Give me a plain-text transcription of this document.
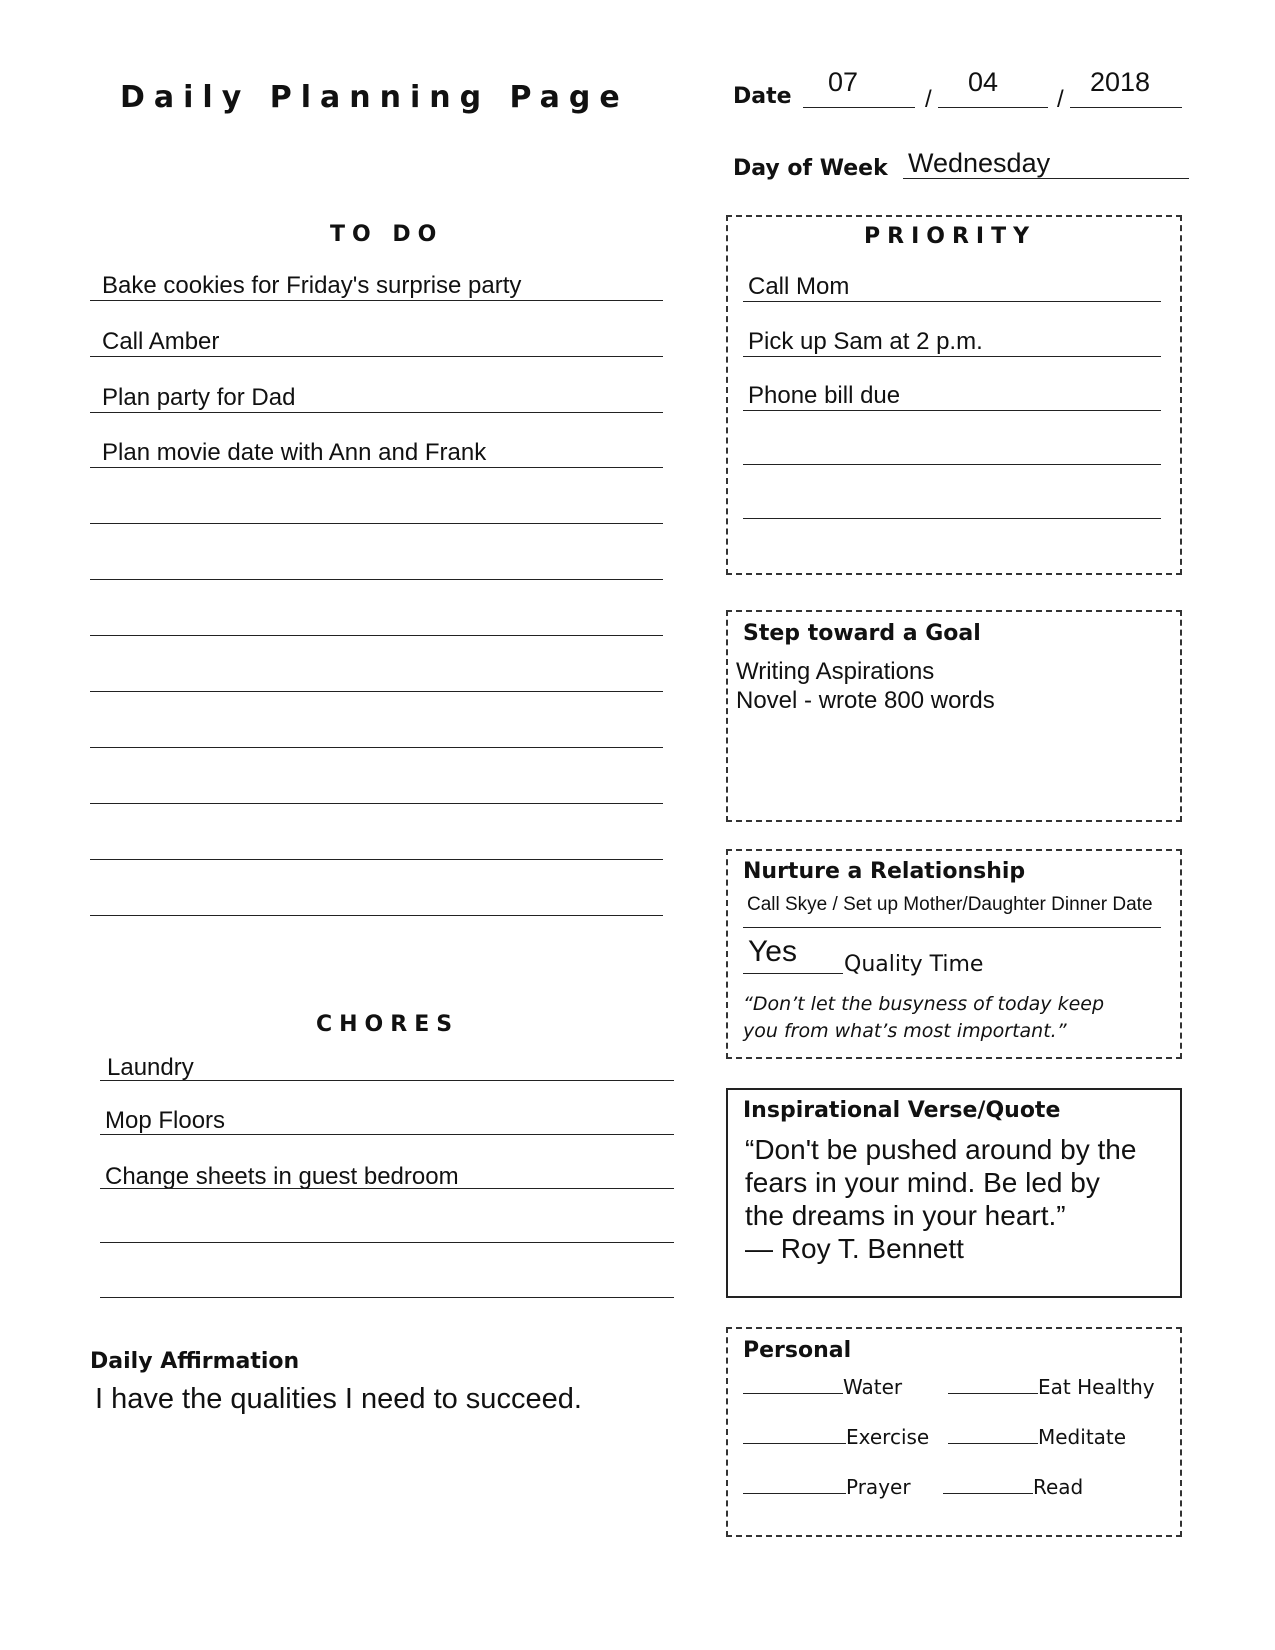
Daily Planning Page	Date 07
/
04
/
2018
Day of Week Wednesday
TO DO
Bake cookies for Friday's surprise party
Call Amber
Plan party for Dad
Plan movie date with Ann and Frank
PRIORITY
Call Mom
Pick up Sam at 2 p.m.
Phone bill due
Step toward a Goal
Writing Aspirations
Novel - wrote 800 words
Nurture a Relationship
Call Skye / Set up Mother/Daughter Dinner Date
Yes Quality Time
“Don’t let the busyness of today keep
you from what’s most important.”
CHORES
Laundry
Mop Floors
Change sheets in guest bedroom
Inspirational Verse/Quote
“Don't be pushed around by the
fears in your mind. Be led by
the dreams in your heart.”
— Roy T. Bennett
Daily Affirmation
I have the qualities I need to succeed.
Personal
Water	Eat Healthy
Exercise	Meditate
Prayer	Read
